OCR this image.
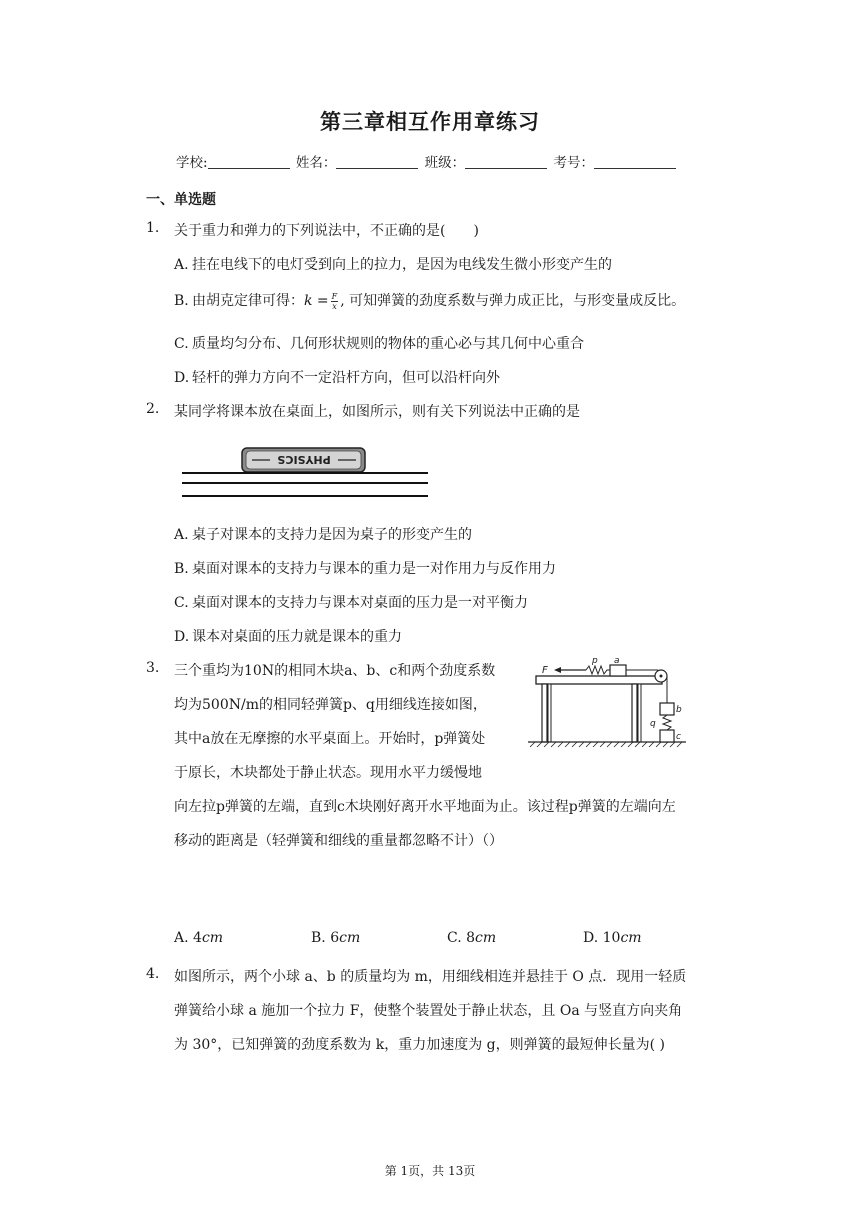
第三章相互作用章练习
学校:	姓名：	班级：	考号：
一、单选题
1. 关于重力和弹力的下列说法中，不正确的是(　　)
A. 挂在电线下的电灯受到向上的拉力，是因为电线发生微小形变产生的
B. 由胡克定律可得：$k = \frac{F}{x}$ , 可知弹簧的劲度系数与弹力成正比，与形变量成反比。
C. 质量均匀分布、几何形状规则的物体的重心必与其几何中心重合
D. 轻杆的弹力方向不一定沿杆方向，但可以沿杆向外
2. 某同学将课本放在桌面上，如图所示，则有关下列说法中正确的是
PHYSICS
A. 桌子对课本的支持力是因为桌子的形变产生的
B. 桌面对课本的支持力与课本的重力是一对作用力与反作用力
C. 桌面对课本的支持力与课本对桌面的压力是一对平衡力
D. 课本对桌面的压力就是课本的重力
3. 三个重均为10N的相同木块a、b、c和两个劲度系数
均为500N/m的相同轻弹簧p、q用细线连接如图，
其中a放在无摩擦的水平桌面上。开始时，p弹簧处
于原长，木块都处于静止状态。现用水平力缓慢地
向左拉p弹簧的左端，直到c木块刚好离开水平地面为止。该过程p弹簧的左端向左
移动的距离是（轻弹簧和细线的重量都忽略不计）（）
F
p a
b
q
c
A. 4cm	B. 6cm	C. 8cm	D. 10cm
4. 如图所示，两个小球 a、b 的质量均为 m，用细线相连并悬挂于 O 点．现用一轻质
弹簧给小球 a 施加一个拉力 F，使整个装置处于静止状态，且 Oa 与竖直方向夹角
为 30°，已知弹簧的劲度系数为 k，重力加速度为 g，则弹簧的最短伸长量为( )
第 1页，共 13页
